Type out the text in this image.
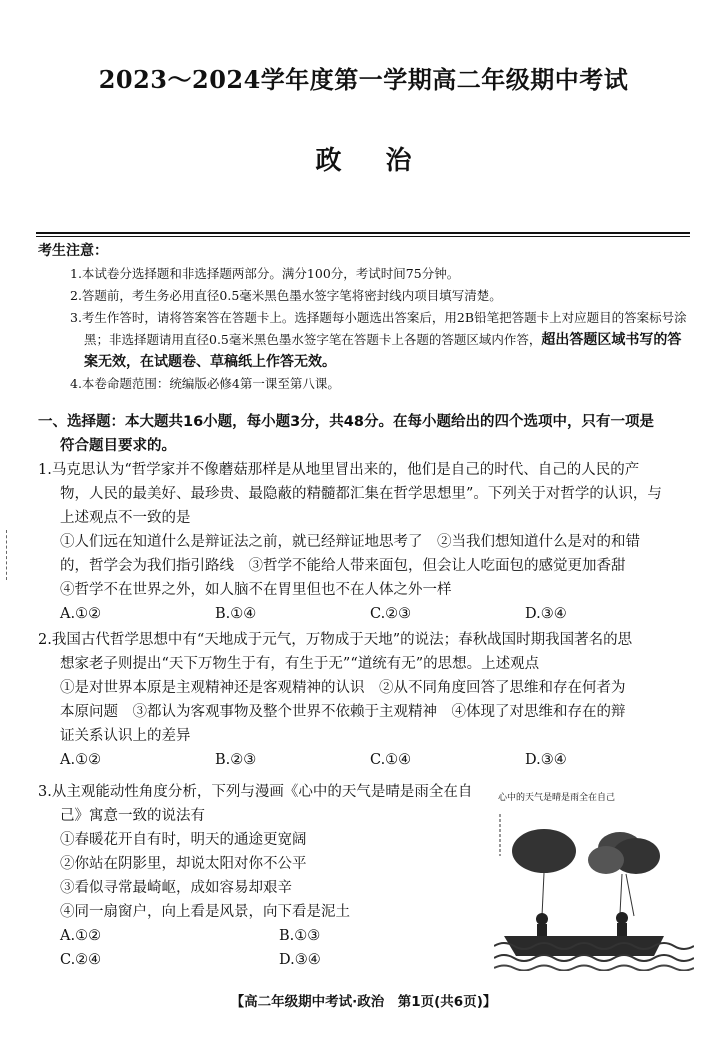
2023～2024学年度第一学期高二年级期中考试
政治
考生注意：
1.本试卷分选择题和非选择题两部分。满分100分，考试时间75分钟。
2.答题前，考生务必用直径0.5毫米黑色墨水签字笔将密封线内项目填写清楚。
3.考生作答时，请将答案答在答题卡上。选择题每小题选出答案后，用2B铅笔把答题卡上对应题目的答案标号涂黑；非选择题请用直径0.5毫米黑色墨水签字笔在答题卡上各题的答题区域内作答，超出答题区域书写的答案无效，在试题卷、草稿纸上作答无效。
4.本卷命题范围：统编版必修4第一课至第八课。
一、选择题：本大题共16小题，每小题3分，共48分。在每小题给出的四个选项中，只有一项是
符合题目要求的。
1.马克思认为“哲学家并不像蘑菇那样是从地里冒出来的，他们是自己的时代、自己的人民的产
物，人民的最美好、最珍贵、最隐蔽的精髓都汇集在哲学思想里”。下列关于对哲学的认识，与
上述观点不一致的是
①人们远在知道什么是辩证法之前，就已经辩证地思考了　②当我们想知道什么是对的和错
的，哲学会为我们指引路线　③哲学不能给人带来面包，但会让人吃面包的感觉更加香甜
④哲学不在世界之外，如人脑不在胃里但也不在人体之外一样
A.①②	B.①④	C.②③	D.③④
2.我国古代哲学思想中有“天地成于元气，万物成于天地”的说法；春秋战国时期我国著名的思
想家老子则提出“天下万物生于有，有生于无”“道统有无”的思想。上述观点
①是对世界本原是主观精神还是客观精神的认识　②从不同角度回答了思维和存在何者为
本原问题　③都认为客观事物及整个世界不依赖于主观精神　④体现了对思维和存在的辩
证关系认识上的差异
A.①②	B.②③	C.①④	D.③④
3.从主观能动性角度分析，下列与漫画《心中的天气是晴是雨全在自
己》寓意一致的说法有
①春暖花开自有时，明天的通途更宽阔
②你站在阴影里，却说太阳对你不公平
③看似寻常最崎岖，成如容易却艰辛
④同一扇窗户，向上看是风景，向下看是泥土
A.①②	B.①③
C.②④	D.③④
心中的天气是晴是雨全在自己
【高二年级期中考试·政治　第1页(共6页)】
